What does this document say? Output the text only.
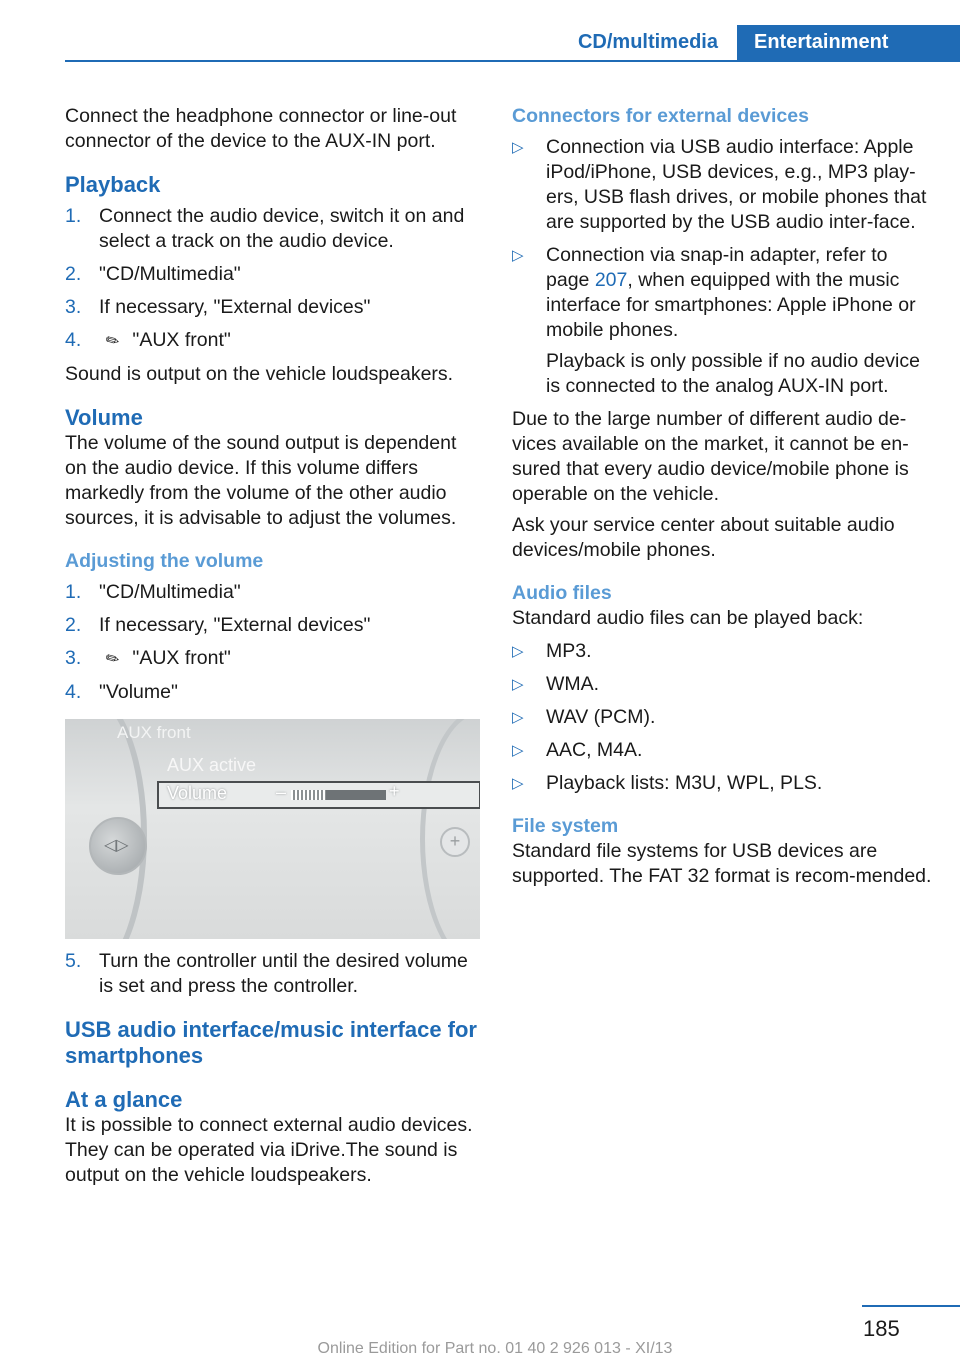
CD/multimedia Entertainment

Connect the headphone connector or line-out connector of the device to the AUX-IN port.

Playback
1. Connect the audio device, switch it on and select a track on the audio device.
2. "CD/Multimedia"
3. If necessary, "External devices"
4.	✎ "AUX front"

Sound is output on the vehicle loudspeakers.

Volume

The volume of the sound output is dependent on the audio device. If this volume differs markedly from the volume of the other audio sources, it is advisable to adjust the volumes.

Adjusting the volume
1. "CD/Multimedia"
2. If necessary, "External devices"
3.	✎ "AUX front"
4. "Volume"
◁▷	+
AUX front
AUX active
Volume	–	+
5. Turn the controller until the desired volume is set and press the controller.
USB audio interface/music interface for smartphones
At a glance

It is possible to connect external audio devices. They can be operated via iDrive.The sound is output on the vehicle loudspeakers.

Connectors for external devices
▷	Connection via USB audio interface: Apple iPod/iPhone, USB devices, e.g., MP3 play‐ers, USB flash drives, or mobile phones that are supported by the USB audio inter‐face.
▷	Connection via snap-in adapter, refer to page 207, when equipped with the music interface for smartphones: Apple iPhone or mobile phones.

Playback is only possible if no audio device is connected to the analog AUX-IN port.

Due to the large number of different audio de‐vices available on the market, it cannot be en‐sured that every audio device/mobile phone is operable on the vehicle.

Ask your service center about suitable audio devices/mobile phones.

Audio files

Standard audio files can be played back:

▷	MP3.
▷	WMA.
▷	WAV (PCM).
▷	AAC, M4A.
▷	Playback lists: M3U, WPL, PLS.
File system

Standard file systems for USB devices are supported. The FAT 32 format is recom‐mended.

185
Online Edition for Part no. 01 40 2 926 013 - XI/13
